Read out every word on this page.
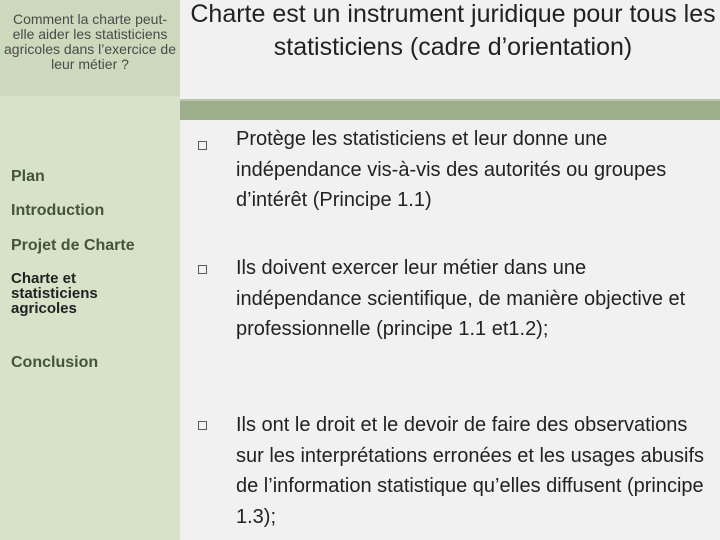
Comment la charte peut-elle aider les statisticiens agricoles dans l’exercice de leur métier ?
Plan
Introduction
Projet de Charte
Charte et statisticiens agricoles
Conclusion
Charte est un instrument juridique pour tous les statisticiens (cadre d’orientation)
Protège les statisticiens et leur donne une indépendance vis-à-vis des autorités ou groupes d’intérêt (Principe 1.1)
Ils doivent exercer leur métier dans une indépendance scientifique, de manière objective et professionnelle (principe 1.1 et1.2);
Ils ont le droit et le devoir de faire des observations sur les interprétations erronées et les usages abusifs de l’information statistique qu’elles diffusent (principe 1.3);
